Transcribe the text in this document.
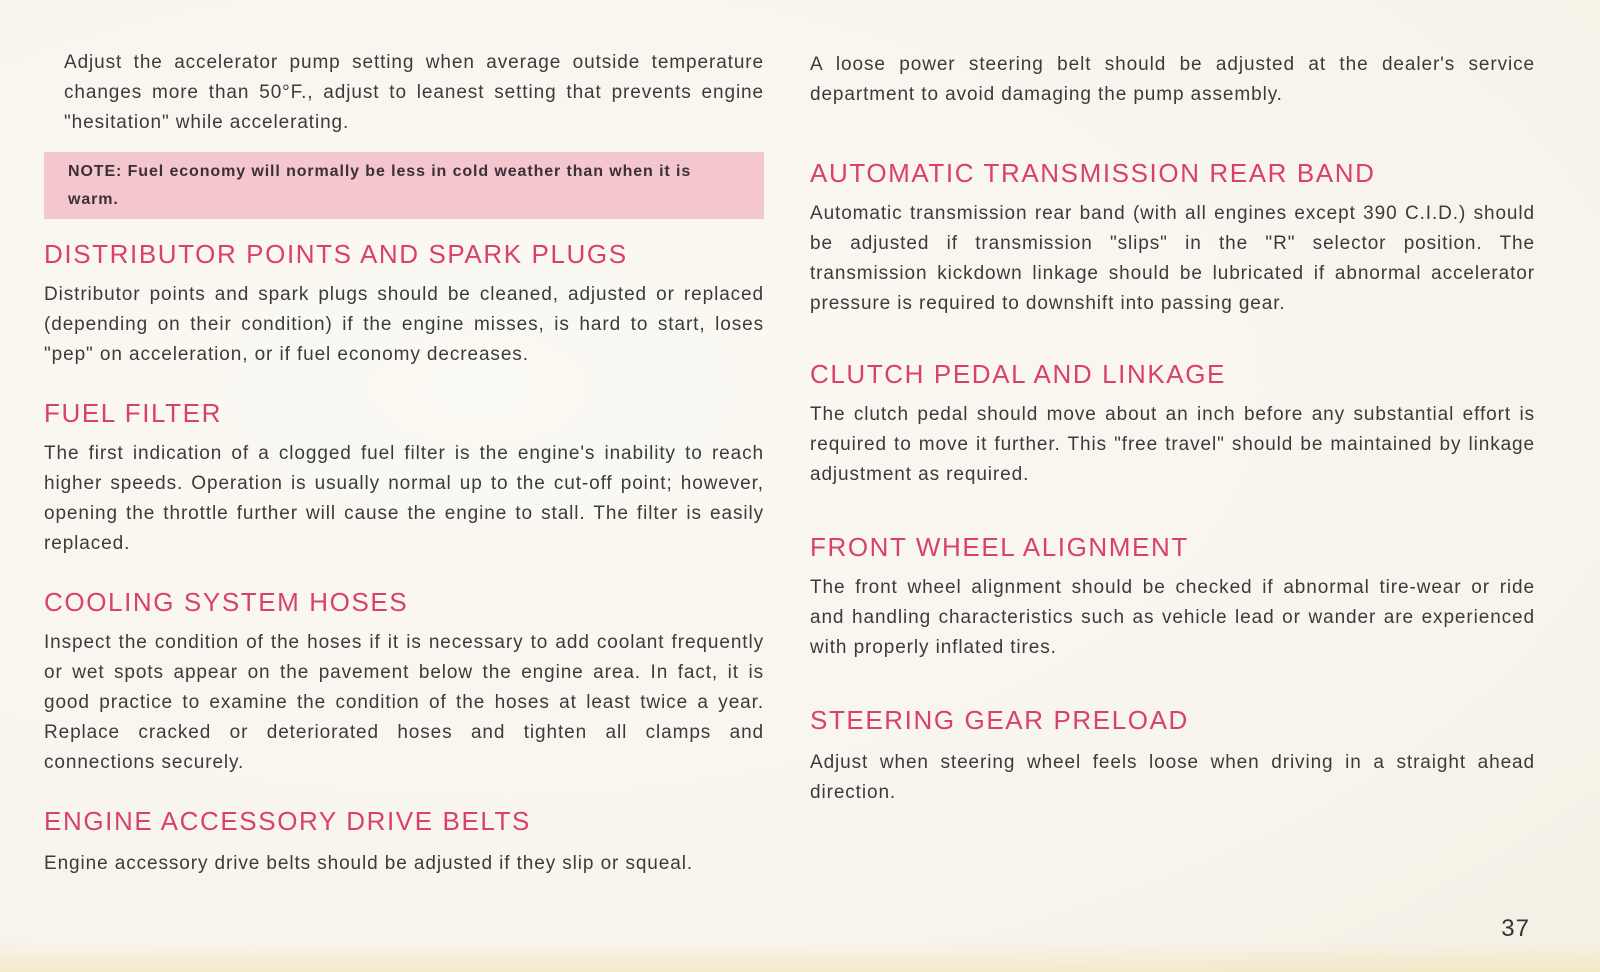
Adjust the accelerator pump setting when average outside temperature changes more than 50°F., adjust to leanest setting that prevents engine "hesitation" while accelerating.

NOTE: Fuel economy will normally be less in cold weather than when it is warm.
DISTRIBUTOR POINTS AND SPARK PLUGS

Distributor points and spark plugs should be cleaned, adjusted or replaced (depending on their condition) if the engine misses, is hard to start, loses "pep" on acceleration, or if fuel economy decreases.

FUEL FILTER

The first indication of a clogged fuel filter is the engine's inability to reach higher speeds. Operation is usually normal up to the cut-off point; however, opening the throttle further will cause the engine to stall. The filter is easily replaced.

COOLING SYSTEM HOSES

Inspect the condition of the hoses if it is necessary to add coolant frequently or wet spots appear on the pavement below the engine area. In fact, it is good practice to examine the condition of the hoses at least twice a year. Replace cracked or deteriorated hoses and tighten all clamps and connections securely.

ENGINE ACCESSORY DRIVE BELTS

Engine accessory drive belts should be adjusted if they slip or squeal.

A loose power steering belt should be adjusted at the dealer's service department to avoid damaging the pump assembly.

AUTOMATIC TRANSMISSION REAR BAND

Automatic transmission rear band (with all engines except 390 C.I.D.) should be adjusted if transmission "slips" in the "R" selector position. The transmission kickdown linkage should be lubricated if abnormal accelerator pressure is required to downshift into passing gear.

CLUTCH PEDAL AND LINKAGE

The clutch pedal should move about an inch before any substantial effort is required to move it further. This "free travel" should be maintained by linkage adjustment as required.

FRONT WHEEL ALIGNMENT

The front wheel alignment should be checked if abnormal tire-wear or ride and handling characteristics such as vehicle lead or wander are experienced with properly inflated tires.

STEERING GEAR PRELOAD

Adjust when steering wheel feels loose when driving in a straight ahead direction.

37
